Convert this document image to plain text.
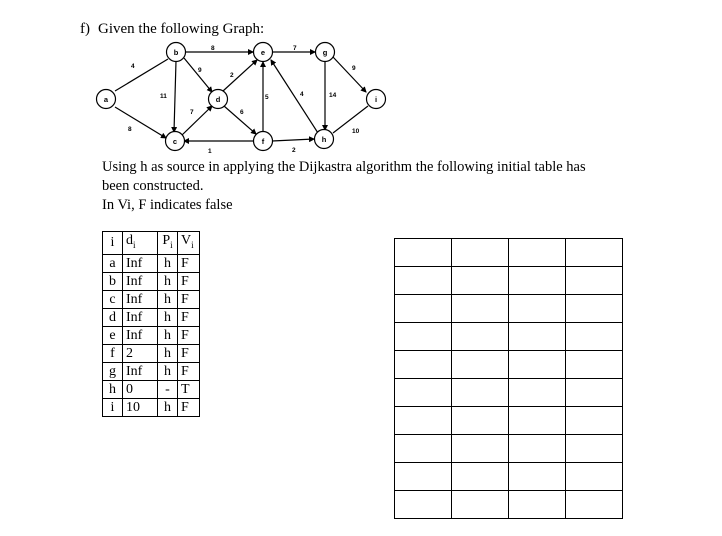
f) Given the following Graph:
4
8
11
8
9
2
7	6
1
5
7
14
4
2
9
10
a
b
c
d
e
f
g
h
i
Using h as source in applying the Dijkastra algorithm the following initial table has
been constructed.
In Vi, F indicates false
i	$d_i$	$P_i$	$V_i$
a	Inf	h	F
b	Inf	h	F
c	Inf	h	F
d	Inf	h	F
e	Inf	h	F
f	2	h	F
g	Inf	h	F
h	0	-	T
i	10	h	F
